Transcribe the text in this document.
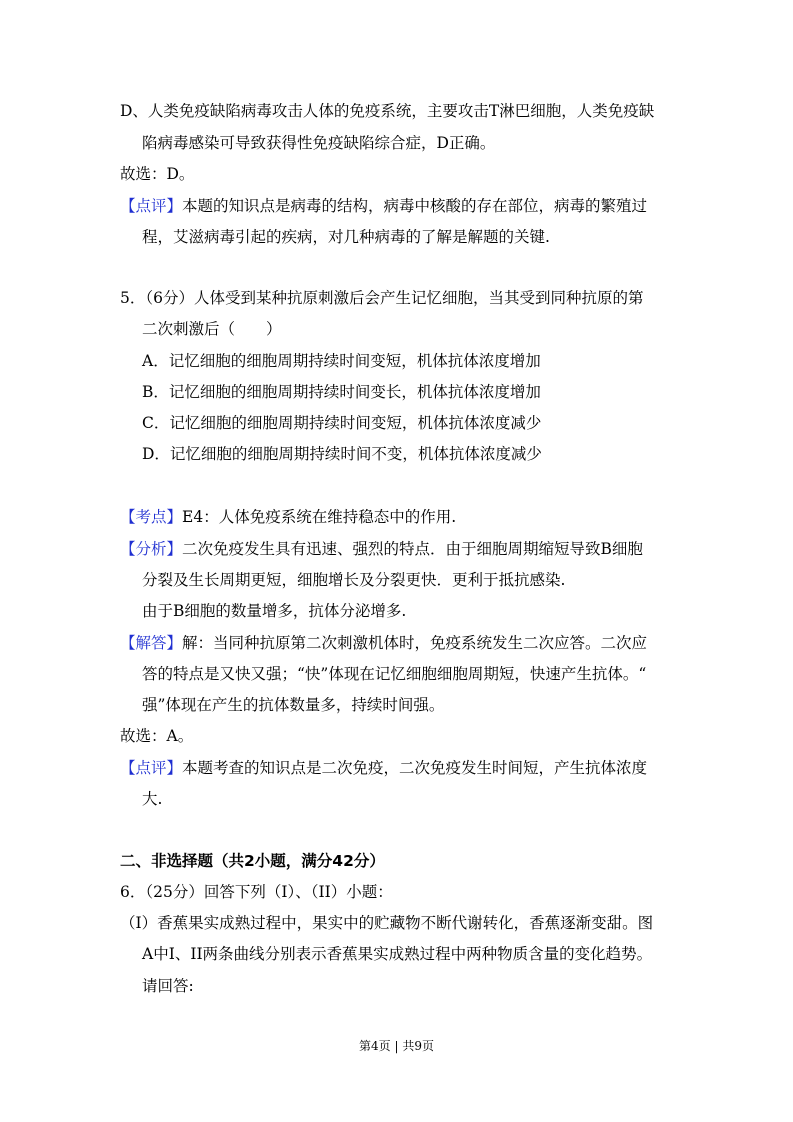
D、人类免疫缺陷病毒攻击人体的免疫系统，主要攻击T淋巴细胞，人类免疫缺
陷病毒感染可导致获得性免疫缺陷综合症，D正确。
故选：D。
【点评】本题的知识点是病毒的结构，病毒中核酸的存在部位，病毒的繁殖过
程，艾滋病毒引起的疾病，对几种病毒的了解是解题的关键.
5．（6分）人体受到某种抗原刺激后会产生记忆细胞，当其受到同种抗原的第
二次刺激后（　　）
A．记忆细胞的细胞周期持续时间变短，机体抗体浓度增加
B．记忆细胞的细胞周期持续时间变长，机体抗体浓度增加
C．记忆细胞的细胞周期持续时间变短，机体抗体浓度减少
D．记忆细胞的细胞周期持续时间不变，机体抗体浓度减少
【考点】E4：人体免疫系统在维持稳态中的作用.
【分析】二次免疫发生具有迅速、强烈的特点．由于细胞周期缩短导致B细胞
分裂及生长周期更短，细胞增长及分裂更快．更利于抵抗感染.
由于B细胞的数量增多，抗体分泌增多.
【解答】解：当同种抗原第二次刺激机体时，免疫系统发生二次应答。二次应
答的特点是又快又强；“快”体现在记忆细胞细胞周期短，快速产生抗体。“
强”体现在产生的抗体数量多，持续时间强。
故选：A。
【点评】本题考查的知识点是二次免疫，二次免疫发生时间短，产生抗体浓度
大.
二、非选择题（共2小题，满分42分）
6．（25分）回答下列（I）、（II）小题：
（I）香蕉果实成熟过程中，果实中的贮藏物不断代谢转化，香蕉逐渐变甜。图
A中I、II两条曲线分别表示香蕉果实成熟过程中两种物质含量的变化趋势。
请回答:
第4页 | 共9页
